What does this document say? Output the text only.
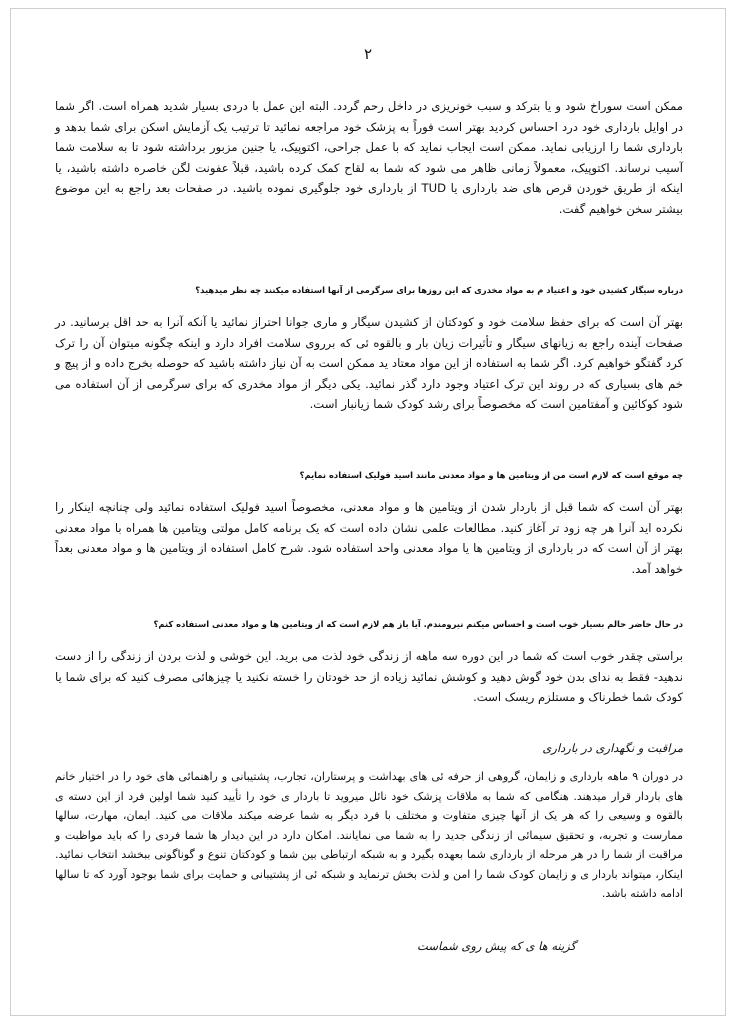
۲

ممکن است سوراخ شود و یا بترکد و سبب خونریزی در داخل رحم گردد. البته این عمل با دردی بسیار شدید همراه است. اگر شما در اوایل بارداری خود درد احساس کردید بهتر است فوراً به پزشک خود مراجعه نمائید تا ترتیب یک آزمایش اسکن برای شما بدهد و بارداری شما را ارزیابی نماید. ممکن است ایجاب نماید که با عمل جراحی، اکتوپیک، یا جنین مزبور برداشته شود تا به سلامت شما آسیب نرساند. اکتوپیک، معمولاً زمانی ظاهر می شود که شما به لقاح کمک کرده باشید، قبلاً عفونت لگن خاصره داشته باشید، یا اینکه از طریق خوردن قرص های ضد بارداری یا TUD از بارداری خود جلوگیری نموده باشید. در صفحات بعد راجع به این موضوع بیشتر سخن خواهیم گفت.

درباره سیگار کشیدن خود و اعتیاد م به مواد مخدری که این روزها برای سرگرمی از آنها استفاده میکنند چه نظر میدهید؟

بهتر آن است که برای حفظ سلامت خود و کودکتان از کشیدن سیگار و ماری جوانا احتراز نمائید یا آنکه آنرا به حد اقل برسانید. در صفحات آینده راجع به زیانهای سیگار و تأثیرات زیان بار و بالقوه ئی که برروی سلامت افراد دارد و اینکه چگونه میتوان آن را ترک کرد گفتگو خواهیم کرد. اگر شما به استفاده از این مواد معتاد ید ممکن است به آن نیاز داشته باشید که حوصله بخرج داده و از پیچ و خم های بسیاری که در روند این ترک اعتیاد وجود دارد گذر نمائید. یکی دیگر از مواد مخدری که برای سرگرمی از آن استفاده می شود کوکائین و آمفتامین است که مخصوصاً برای رشد کودک شما زیانبار است.

چه موقع است که لازم است من از ویتامین ها و مواد معدنی مانند اسید فولیک استفاده نمایم؟

بهتر آن است که شما قبل از باردار شدن از ویتامین ها و مواد معدنی، مخصوصاً اسید فولیک استفاده نمائید ولی چنانچه اینکار را نکرده اید آنرا هر چه زود تر آغاز کنید. مطالعات علمی نشان داده است که یک برنامه کامل مولتی ویتامین ها همراه با مواد معدنی بهتر از آن است که در بارداری از ویتامین ها یا مواد معدنی واحد استفاده شود. شرح کامل استفاده از ویتامین ها و مواد معدنی بعداً خواهد آمد.

در حال حاضر حالم بسیار خوب است و احساس میکنم نیرومندم. آیا باز هم لازم است که از ویتامین ها و مواد معدنی استفاده کنم؟

براستی چقدر خوب است که شما در این دوره سه ماهه از زندگی خود لذت می برید. این خوشی و لذت بردن از زندگی را از دست ندهید- فقط به ندای بدن خود گوش دهید و کوشش نمائید زیاده از حد خودتان را خسته نکنید یا چیزهائی مصرف کنید که برای شما یا کودک شما خطرناک و مستلزم ریسک است.

مراقبت و نگهداری در بارداری

در دوران ۹ ماهه بارداری و زایمان، گروهی از حرفه ئی های بهداشت و پرستاران، تجارب، پشتیبانی و راهنمائی های خود را در اختیار خانم های باردار قرار میدهند. هنگامی که شما به ملاقات پزشک خود نائل میروید تا باردار ی خود را تأیید کنید شما اولین فرد از این دسته ی بالقوه و وسیعی را که هر یک از آنها چیزی متفاوت و مختلف با فرد دیگر به شما عرضه میکند ملاقات می کنید. ایمان، مهارت، سالها ممارست و تجربه، و تحقیق سیمائی از زندگی جدید را به شما می نمایانند. امکان دارد در این دیدار ها شما فردی را که باید مواظبت و مراقبت از شما را در هر مرحله از بارداری شما بعهده بگیرد و به شبکه ارتباطی بین شما و کودکتان تنوع و گوناگونی ببخشد انتخاب نمائید. اینکار، میتواند باردار ی و زایمان کودک شما را امن و لذت بخش ترنماید و شبکه ئی از پشتیبانی و حمایت برای شما بوجود آورد که تا سالها ادامه داشته باشد.

گزینه ها ی که پیش روی شماست
